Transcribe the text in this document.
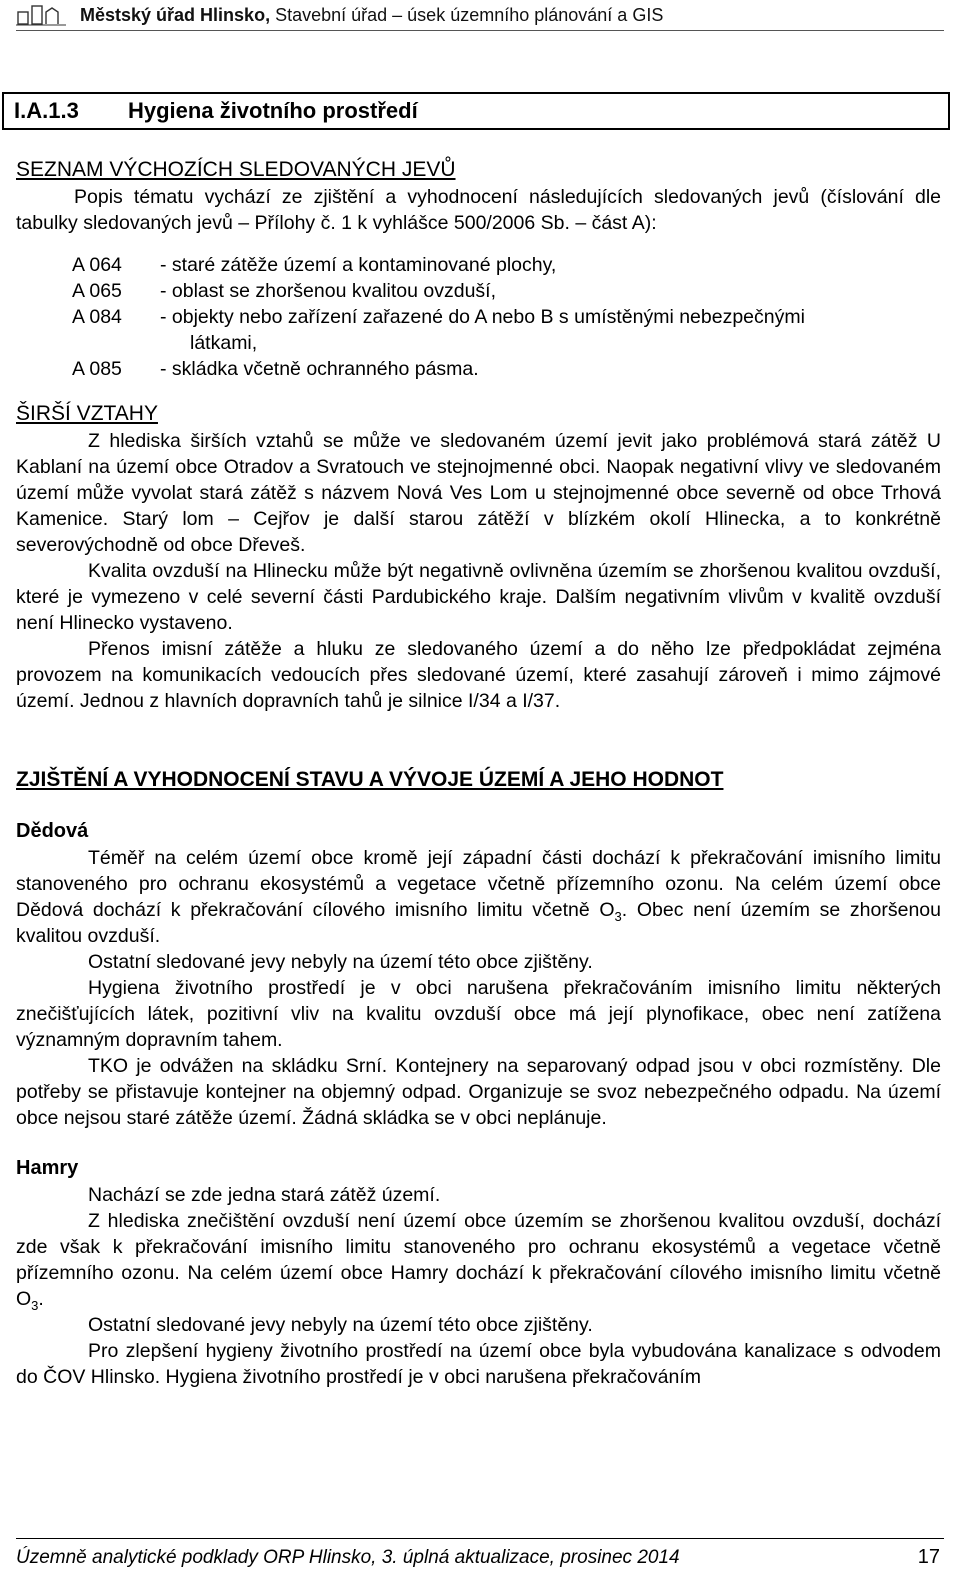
Městský úřad Hlinsko, Stavební úřad – úsek územního plánování a GIS
I.A.1.3	Hygiena životního prostředí
SEZNAM VÝCHOZÍCH SLEDOVANÝCH JEVŮ

Popis tématu vychází ze zjištění a vyhodnocení následujících sledovaných jevů (číslování dle tabulky sledovaných jevů – Přílohy č. 1 k vyhlášce 500/2006 Sb. – část A):

A 064	- staré zátěže území a kontaminované plochy,
A 065	- oblast se zhoršenou kvalitou ovzduší,
A 084	- objekty nebo zařízení zařazené do A nebo B s umístěnými nebezpečnými
látkami,
A 085	- skládka včetně ochranného pásma.
ŠIRŠÍ VZTAHY

Z hlediska širších vztahů se může ve sledovaném území jevit jako problémová stará zátěž U Kablaní na území obce Otradov a Svratouch ve stejnojmenné obci. Naopak negativní vlivy ve sledovaném území může vyvolat stará zátěž s názvem Nová Ves Lom u stejnojmenné obce severně od obce Trhová Kamenice. Starý lom – Cejřov je další starou zátěží v blízkém okolí Hlinecka, a to konkrétně severovýchodně od obce Dřeveš.

Kvalita ovzduší na Hlinecku může být negativně ovlivněna územím se zhoršenou kvalitou ovzduší, které je vymezeno v celé severní části Pardubického kraje. Dalším negativním vlivům v kvalitě ovzduší není Hlinecko vystaveno.

Přenos imisní zátěže a hluku ze sledovaného území a do něho lze předpokládat zejména provozem na komunikacích vedoucích přes sledované území, které zasahují zároveň i mimo zájmové území. Jednou z hlavních dopravních tahů je silnice I/34 a I/37.

ZJIŠTĚNÍ A VYHODNOCENÍ STAVU A VÝVOJE ÚZEMÍ A JEHO HODNOT
Dědová

Téměř na celém území obce kromě její západní části dochází k překračování imisního limitu stanoveného pro ochranu ekosystémů a vegetace včetně přízemního ozonu. Na celém území obce Dědová dochází k překračování cílového imisního limitu včetně $O_3$. Obec není územím se zhoršenou kvalitou ovzduší.

Ostatní sledované jevy nebyly na území této obce zjištěny.

Hygiena životního prostředí je v obci narušena překračováním imisního limitu některých znečišťujících látek, pozitivní vliv na kvalitu ovzduší obce má její plynofikace, obec není zatížena významným dopravním tahem.

TKO je odvážen na skládku Srní. Kontejnery na separovaný odpad jsou v obci rozmístěny. Dle potřeby se přistavuje kontejner na objemný odpad. Organizuje se svoz nebezpečného odpadu. Na území obce nejsou staré zátěže území. Žádná skládka se v obci neplánuje.

Hamry

Nachází se zde jedna stará zátěž území.

Z hlediska znečištění ovzduší není území obce územím se zhoršenou kvalitou ovzduší, dochází zde však k překračování imisního limitu stanoveného pro ochranu ekosystémů a vegetace včetně přízemního ozonu. Na celém území obce Hamry dochází k překračování cílového imisního limitu včetně $O_3$.

Ostatní sledované jevy nebyly na území této obce zjištěny.

Pro zlepšení hygieny životního prostředí na území obce byla vybudována kanalizace s odvodem do ČOV Hlinsko. Hygiena životního prostředí je v obci narušena překračováním

Územně analytické podklady ORP Hlinsko, 3. úplná aktualizace, prosinec 2014	17
